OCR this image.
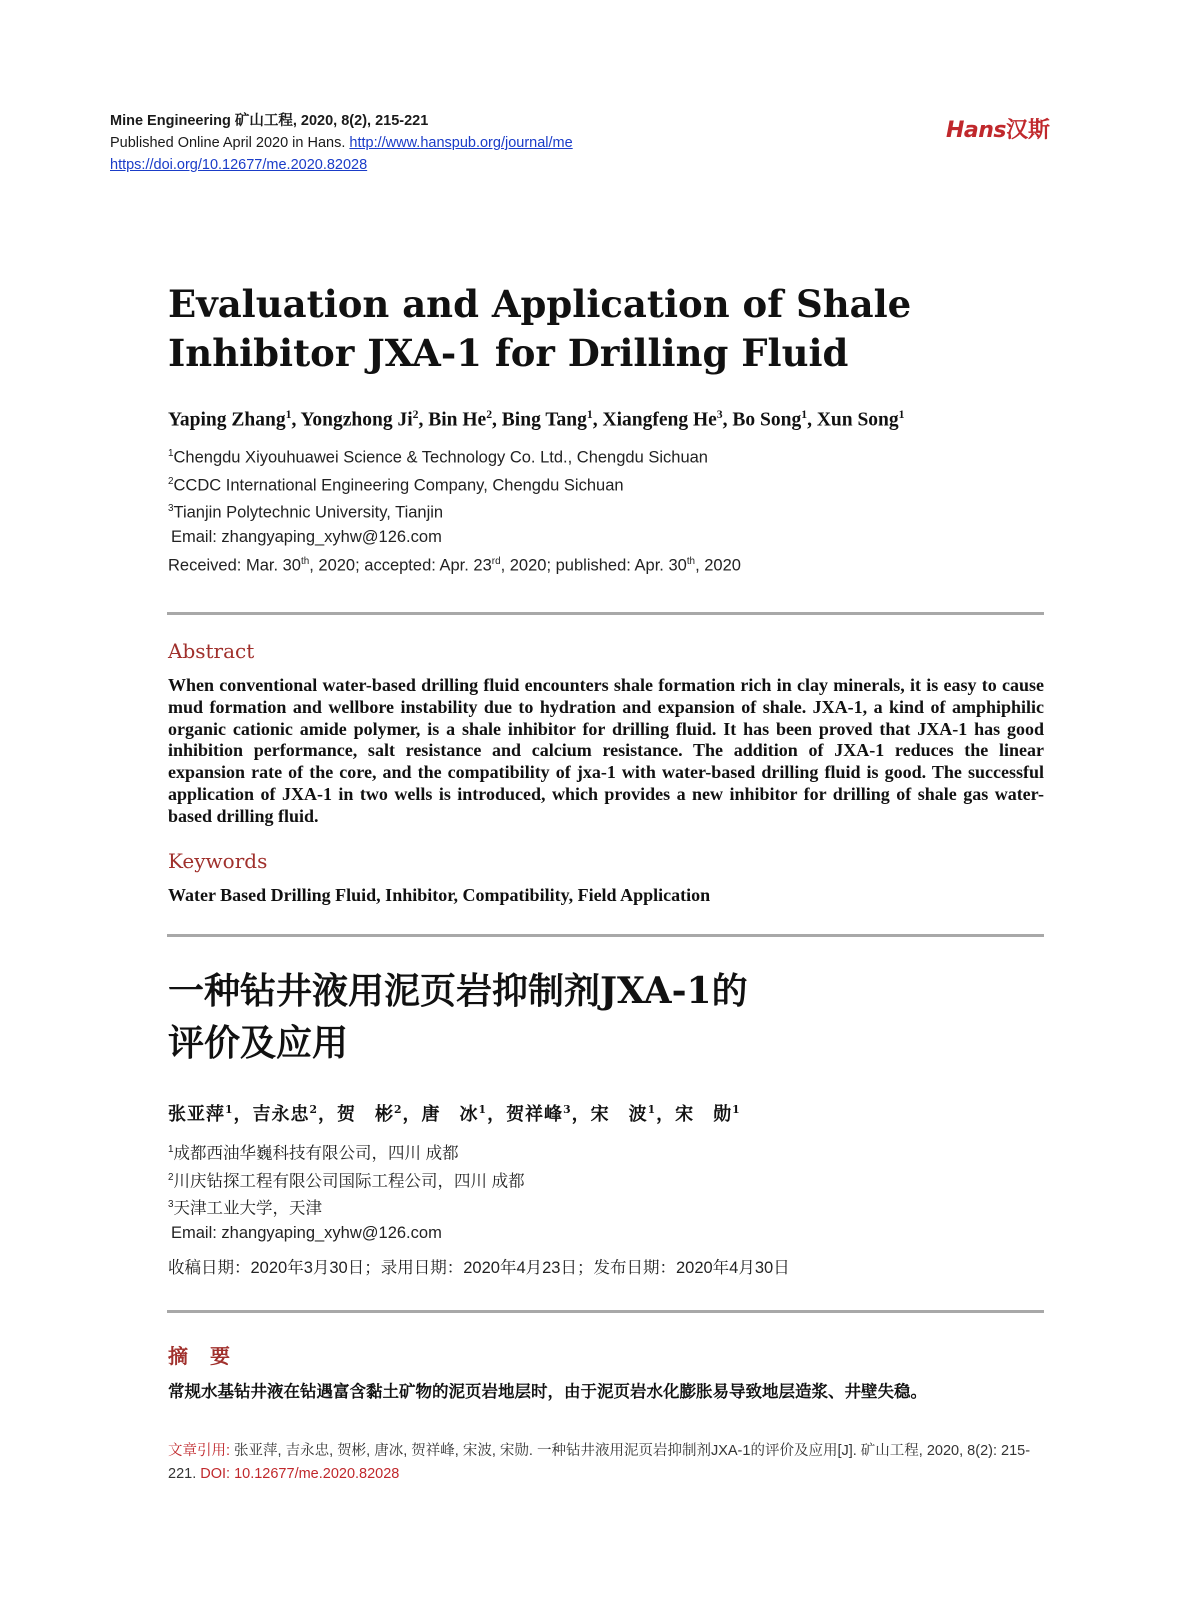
Mine Engineering 矿山工程, 2020, 8(2), 215-221
Published Online April 2020 in Hans. http://www.hanspub.org/journal/me
https://doi.org/10.12677/me.2020.82028
Hans汉斯
Evaluation and Application of Shale
Inhibitor JXA-1 for Drilling Fluid
Yaping Zhang$^1$, Yongzhong Ji$^2$, Bin He$^2$, Bing Tang$^1$, Xiangfeng He$^3$, Bo Song$^1$, Xun Song$^1$
$^1$Chengdu Xiyouhuawei Science & Technology Co. Ltd., Chengdu Sichuan
$^2$CCDC International Engineering Company, Chengdu Sichuan
$^3$Tianjin Polytechnic University, Tianjin
Email: zhangyaping_xyhw@126.com
Received: Mar. 30th, 2020; accepted: Apr. 23rd, 2020; published: Apr. 30th, 2020
Abstract
When conventional water-based drilling fluid encounters shale formation rich in clay minerals, it is easy to cause mud formation and wellbore instability due to hydration and expansion of shale. JXA-1, a kind of amphiphilic organic cationic amide polymer, is a shale inhibitor for drilling fluid. It has been proved that JXA-1 has good inhibition performance, salt resistance and calcium resistance. The addition of JXA-1 reduces the linear expansion rate of the core, and the compatibility of jxa-1 with water-based drilling fluid is good. The successful application of JXA-1 in two wells is introduced, which provides a new inhibitor for drilling of shale gas water-based drilling fluid.
Keywords
Water Based Drilling Fluid, Inhibitor, Compatibility, Field Application
一种钻井液用泥页岩抑制剂JXA-1的
评价及应用
张亚萍$^1$，吉永忠$^2$，贺　彬$^2$，唐　冰$^1$，贺祥峰$^3$，宋　波$^1$，宋　勋$^1$
$^1$成都西油华巍科技有限公司，四川 成都
$^2$川庆钻探工程有限公司国际工程公司，四川 成都
$^3$天津工业大学，天津
Email: zhangyaping_xyhw@126.com
收稿日期：2020年3月30日；录用日期：2020年4月23日；发布日期：2020年4月30日
摘要
常规水基钻井液在钻遇富含黏土矿物的泥页岩地层时，由于泥页岩水化膨胀易导致地层造浆、井壁失稳。
文章引用: 张亚萍, 吉永忠, 贺彬, 唐冰, 贺祥峰, 宋波, 宋勋. 一种钻井液用泥页岩抑制剂JXA-1的评价及应用[J]. 矿山工程, 2020, 8(2): 215-221. DOI: 10.12677/me.2020.82028
